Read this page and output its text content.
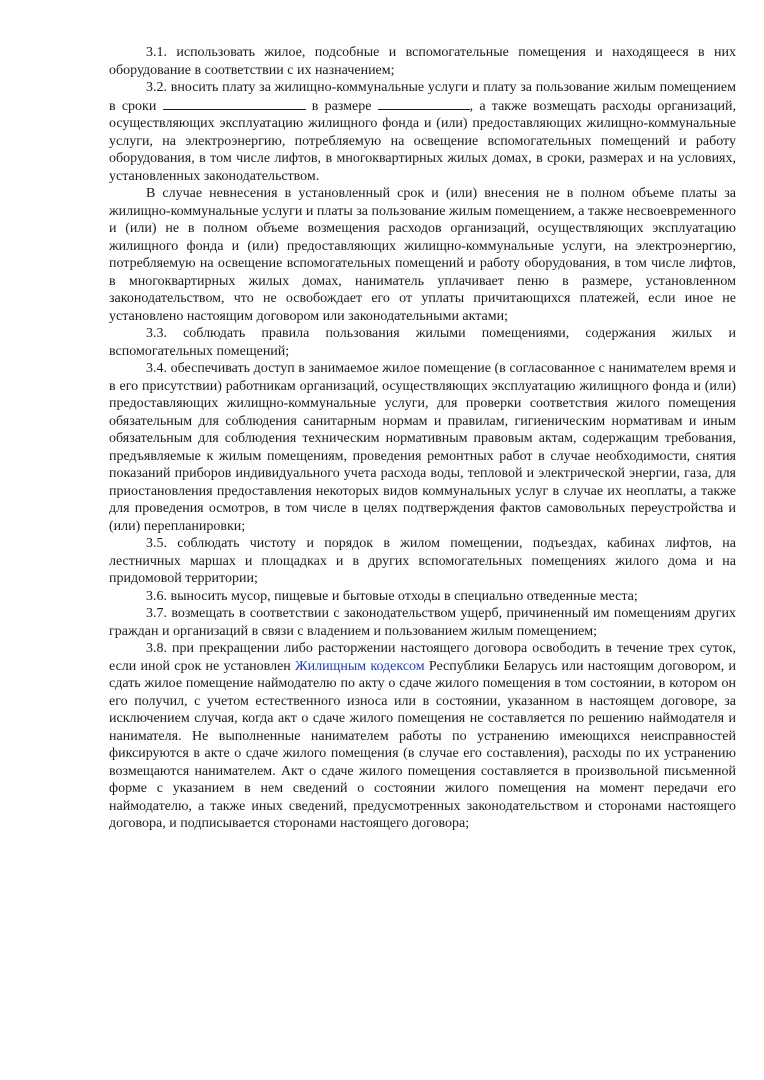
3.1. использовать жилое, подсобные и вспомогательные помещения и находящееся в них оборудование в соответствии с их назначением;

3.2. вносить плату за жилищно-коммунальные услуги и плату за пользование жилым помещением в сроки	в размере	, а также возмещать расходы организаций, осуществляющих эксплуатацию жилищного фонда и (или) предоставляющих жилищно-коммунальные услуги, на электроэнергию, потребляемую на освещение вспомогательных помещений и работу оборудования, в том числе лифтов, в многоквартирных жилых домах, в сроки, размерах и на условиях, установленных законодательством.

В случае невнесения в установленный срок и (или) внесения не в полном объеме платы за жилищно-коммунальные услуги и платы за пользование жилым помещением, а также несвоевременного и (или) не в полном объеме возмещения расходов организаций, осуществляющих эксплуатацию жилищного фонда и (или) предоставляющих жилищно-коммунальные услуги, на электроэнергию, потребляемую на освещение вспомогательных помещений и работу оборудования, в том числе лифтов, в многоквартирных жилых домах, наниматель уплачивает пеню в размере, установленном законодательством, что не освобождает его от уплаты причитающихся платежей, если иное не установлено настоящим договором или законодательными актами;

3.3. соблюдать правила пользования жилыми помещениями, содержания жилых и вспомогательных помещений;

3.4. обеспечивать доступ в занимаемое жилое помещение (в согласованное с нанимателем время и в его присутствии) работникам организаций, осуществляющих эксплуатацию жилищного фонда и (или) предоставляющих жилищно-коммунальные услуги, для проверки соответствия жилого помещения обязательным для соблюдения санитарным нормам и правилам, гигиеническим нормативам и иным обязательным для соблюдения техническим нормативным правовым актам, содержащим требования, предъявляемые к жилым помещениям, проведения ремонтных работ в случае необходимости, снятия показаний приборов индивидуального учета расхода воды, тепловой и электрической энергии, газа, для приостановления предоставления некоторых видов коммунальных услуг в случае их неоплаты, а также для проведения осмотров, в том числе в целях подтверждения фактов самовольных переустройства и (или) перепланировки;

3.5. соблюдать чистоту и порядок в жилом помещении, подъездах, кабинах лифтов, на лестничных маршах и площадках и в других вспомогательных помещениях жилого дома и на придомовой территории;

3.6. выносить мусор, пищевые и бытовые отходы в специально отведенные места;

3.7. возмещать в соответствии с законодательством ущерб, причиненный им помещениям других граждан и организаций в связи с владением и пользованием жилым помещением;

3.8. при прекращении либо расторжении настоящего договора освободить в течение трех суток, если иной срок не установлен Жилищным кодексом Республики Беларусь или настоящим договором, и сдать жилое помещение наймодателю по акту о сдаче жилого помещения в том состоянии, в котором он его получил, с учетом естественного износа или в состоянии, указанном в настоящем договоре, за исключением случая, когда акт о сдаче жилого помещения не составляется по решению наймодателя и нанимателя. Не выполненные нанимателем работы по устранению имеющихся неисправностей фиксируются в акте о сдаче жилого помещения (в случае его составления), расходы по их устранению возмещаются нанимателем. Акт о сдаче жилого помещения составляется в произвольной письменной форме с указанием в нем сведений о состоянии жилого помещения на момент передачи его наймодателю, а также иных сведений, предусмотренных законодательством и сторонами настоящего договора, и подписывается сторонами настоящего договора;
